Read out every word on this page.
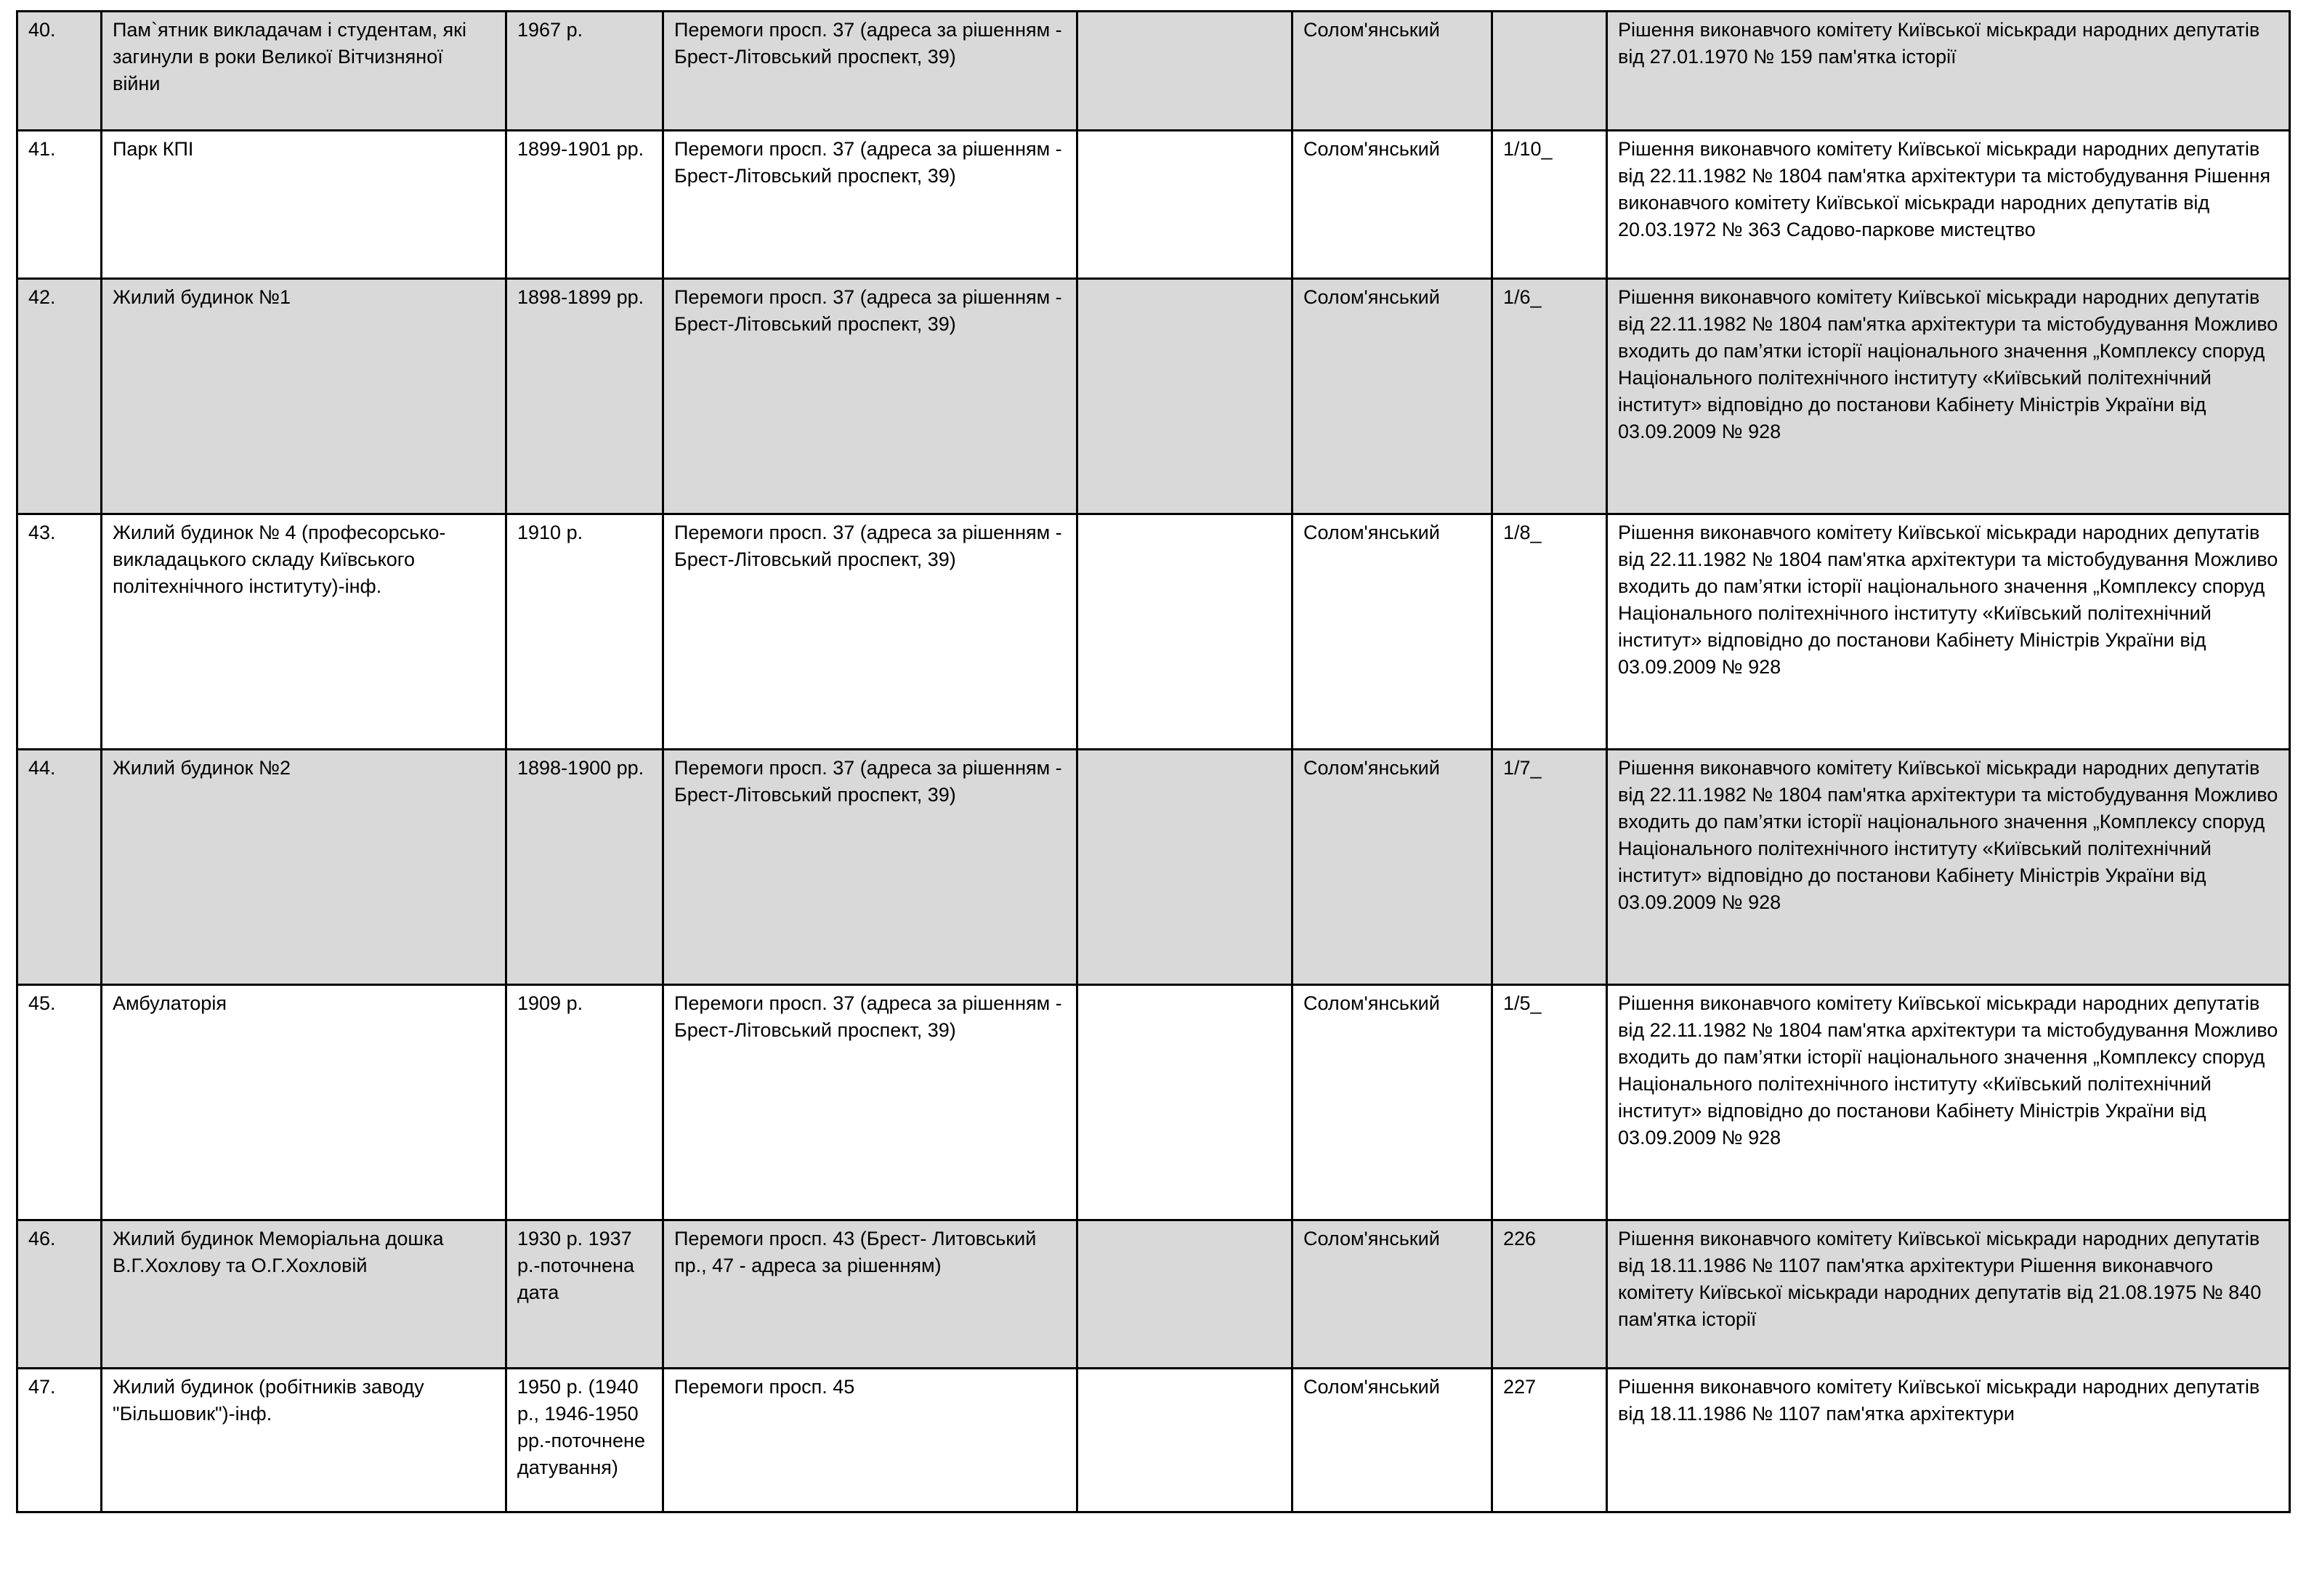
40.	Пам`ятник викладачам і студентам, які загинули в роки Великої Вітчизняної війни	1967 р.	Перемоги просп. 37 (адреса за рішенням - Брест-Літовський проспект, 39)		Солом'янський		Рішення виконавчого комітету Київської міськради народних депутатів від 27.01.1970 № 159 пам'ятка історії
41.	Парк КПІ	1899-1901 рр.	Перемоги просп. 37 (адреса за рішенням - Брест-Літовський проспект, 39)		Солом'янський	1/10_	Рішення виконавчого комітету Київської міськради народних депутатів від 22.11.1982 № 1804 пам'ятка архітектури та містобудування Рішення виконавчого комітету Київської міськради народних депутатів від 20.03.1972 № 363 Садово-паркове мистецтво
42.	Жилий будинок №1	1898-1899 рр.	Перемоги просп. 37 (адреса за рішенням - Брест-Літовський проспект, 39)		Солом'янський	1/6_	Рішення виконавчого комітету Київської міськради народних депутатів від 22.11.1982 № 1804 пам'ятка архітектури та містобудування Можливо входить до пам’ятки історії національного значення „Комплексу споруд Національного політехнічного інституту «Київський політехнічний інститут» відповідно до постанови Кабінету Міністрів України від 03.09.2009 № 928
43.	Жилий будинок № 4 (професорсько-викладацького складу Київського політехнічного інституту)-інф.	1910 р.	Перемоги просп. 37 (адреса за рішенням - Брест-Літовський проспект, 39)		Солом'янський	1/8_	Рішення виконавчого комітету Київської міськради народних депутатів від 22.11.1982 № 1804 пам'ятка архітектури та містобудування Можливо входить до пам’ятки історії національного значення „Комплексу споруд Національного політехнічного інституту «Київський політехнічний інститут» відповідно до постанови Кабінету Міністрів України від 03.09.2009 № 928
44.	Жилий будинок №2	1898-1900 рр.	Перемоги просп. 37 (адреса за рішенням - Брест-Літовський проспект, 39)		Солом'янський	1/7_	Рішення виконавчого комітету Київської міськради народних депутатів від 22.11.1982 № 1804 пам'ятка архітектури та містобудування Можливо входить до пам’ятки історії національного значення „Комплексу споруд Національного політехнічного інституту «Київський політехнічний інститут» відповідно до постанови Кабінету Міністрів України від 03.09.2009 № 928
45.	Амбулаторія	1909 р.	Перемоги просп. 37 (адреса за рішенням - Брест-Літовський проспект, 39)		Солом'янський	1/5_	Рішення виконавчого комітету Київської міськради народних депутатів від 22.11.1982 № 1804 пам'ятка архітектури та містобудування Можливо входить до пам’ятки історії національного значення „Комплексу споруд Національного політехнічного інституту «Київський політехнічний інститут» відповідно до постанови Кабінету Міністрів України від 03.09.2009 № 928
46.	Жилий будинок Меморіальна дошка В.Г.Хохлову та О.Г.Хохловій	1930 р. 1937 р.-поточнена дата	Перемоги просп. 43 (Брест- Литовський пр., 47 - адреса за рішенням)		Солом'янський	226	Рішення виконавчого комітету Київської міськради народних депутатів від 18.11.1986 № 1107 пам'ятка архітектури Рішення виконавчого комітету Київської міськради народних депутатів від 21.08.1975 № 840 пам'ятка історії
47.	Жилий будинок (робітників заводу "Більшовик")-інф.	1950 р. (1940 р., 1946-1950 рр.-поточнене датування)	Перемоги просп. 45		Солом'янський	227	Рішення виконавчого комітету Київської міськради народних депутатів від 18.11.1986 № 1107 пам'ятка архітектури
